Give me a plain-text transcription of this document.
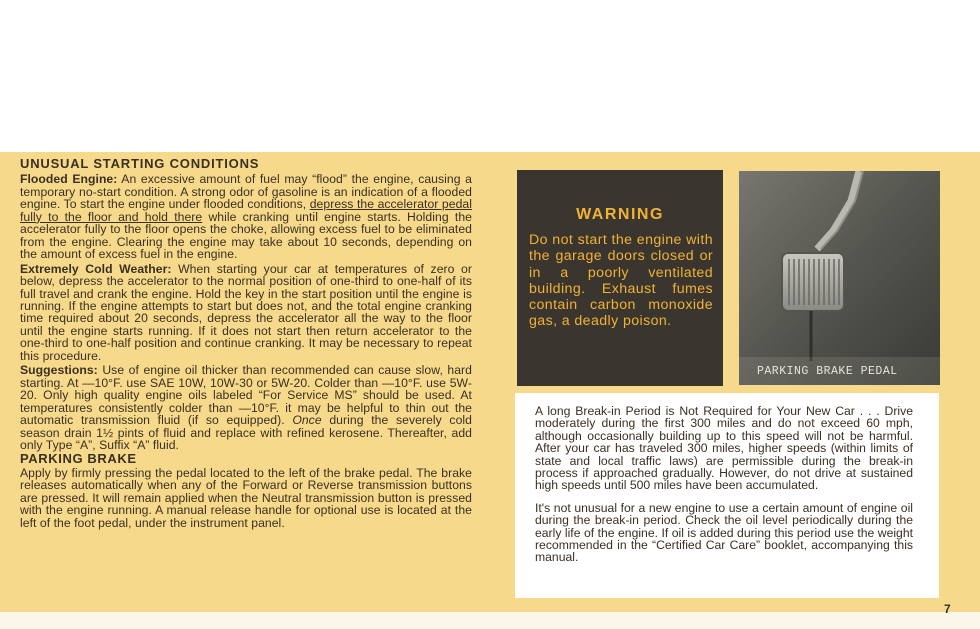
UNUSUAL STARTING CONDITIONS

Flooded Engine: An excessive amount of fuel may “flood” the engine, causing a temporary no-start condition. A strong odor of gasoline is an indication of a flooded engine. To start the engine under flooded conditions, depress the accelerator pedal fully to the floor and hold there while cranking until engine starts. Holding the accelerator fully to the floor opens the choke, allowing excess fuel to be eliminated from the engine. Clearing the engine may take about 10 seconds, depending on the amount of excess fuel in the engine.

Extremely Cold Weather: When starting your car at temperatures of zero or below, depress the accelerator to the normal position of one-third to one-half of its full travel and crank the engine. Hold the key in the start position until the engine is running. If the engine attempts to start but does not, and the total engine cranking time required about 20 seconds, depress the accelerator all the way to the floor until the engine starts running. If it does not start then return accelerator to the one-third to one-half position and continue cranking. It may be necessary to repeat this procedure.

Suggestions: Use of engine oil thicker than recommended can cause slow, hard starting. At —10°F. use SAE 10W, 10W-30 or 5W-20. Colder than —10°F. use 5W-20. Only high quality engine oils labeled “For Service MS” should be used. At temperatures consistently colder than —10°F. it may be helpful to thin out the automatic transmission fluid (if so equipped). Once during the severely cold season drain 1½ pints of fluid and replace with refined kerosene. Thereafter, add only Type “A”, Suffix “A” fluid.

PARKING BRAKE

Apply by firmly pressing the pedal located to the left of the brake pedal. The brake releases automatically when any of the Forward or Reverse transmission buttons are pressed. It will remain applied when the Neutral transmission button is pressed with the engine running. A manual release handle for optional use is located at the left of the foot pedal, under the instrument panel.

WARNING
Do not start the engine with the garage doors closed or in a poorly ventilated building. Exhaust fumes contain carbon monoxide gas, a deadly poison.
PARKING BRAKE PEDAL

A long Break-in Period is Not Required for Your New Car . . . Drive moderately during the first 300 miles and do not exceed 60 mph, although occasionally building up to this speed will not be harmful. After your car has traveled 300 miles, higher speeds (within limits of state and local traffic laws) are permissible during the break-in process if approached gradually. However, do not drive at sustained high speeds until 500 miles have been accumulated.

It's not unusual for a new engine to use a certain amount of engine oil during the break-in period. Check the oil level periodically during the early life of the engine. If oil is added during this period use the weight recommended in the “Certified Car Care” booklet, accompanying this manual.

7
